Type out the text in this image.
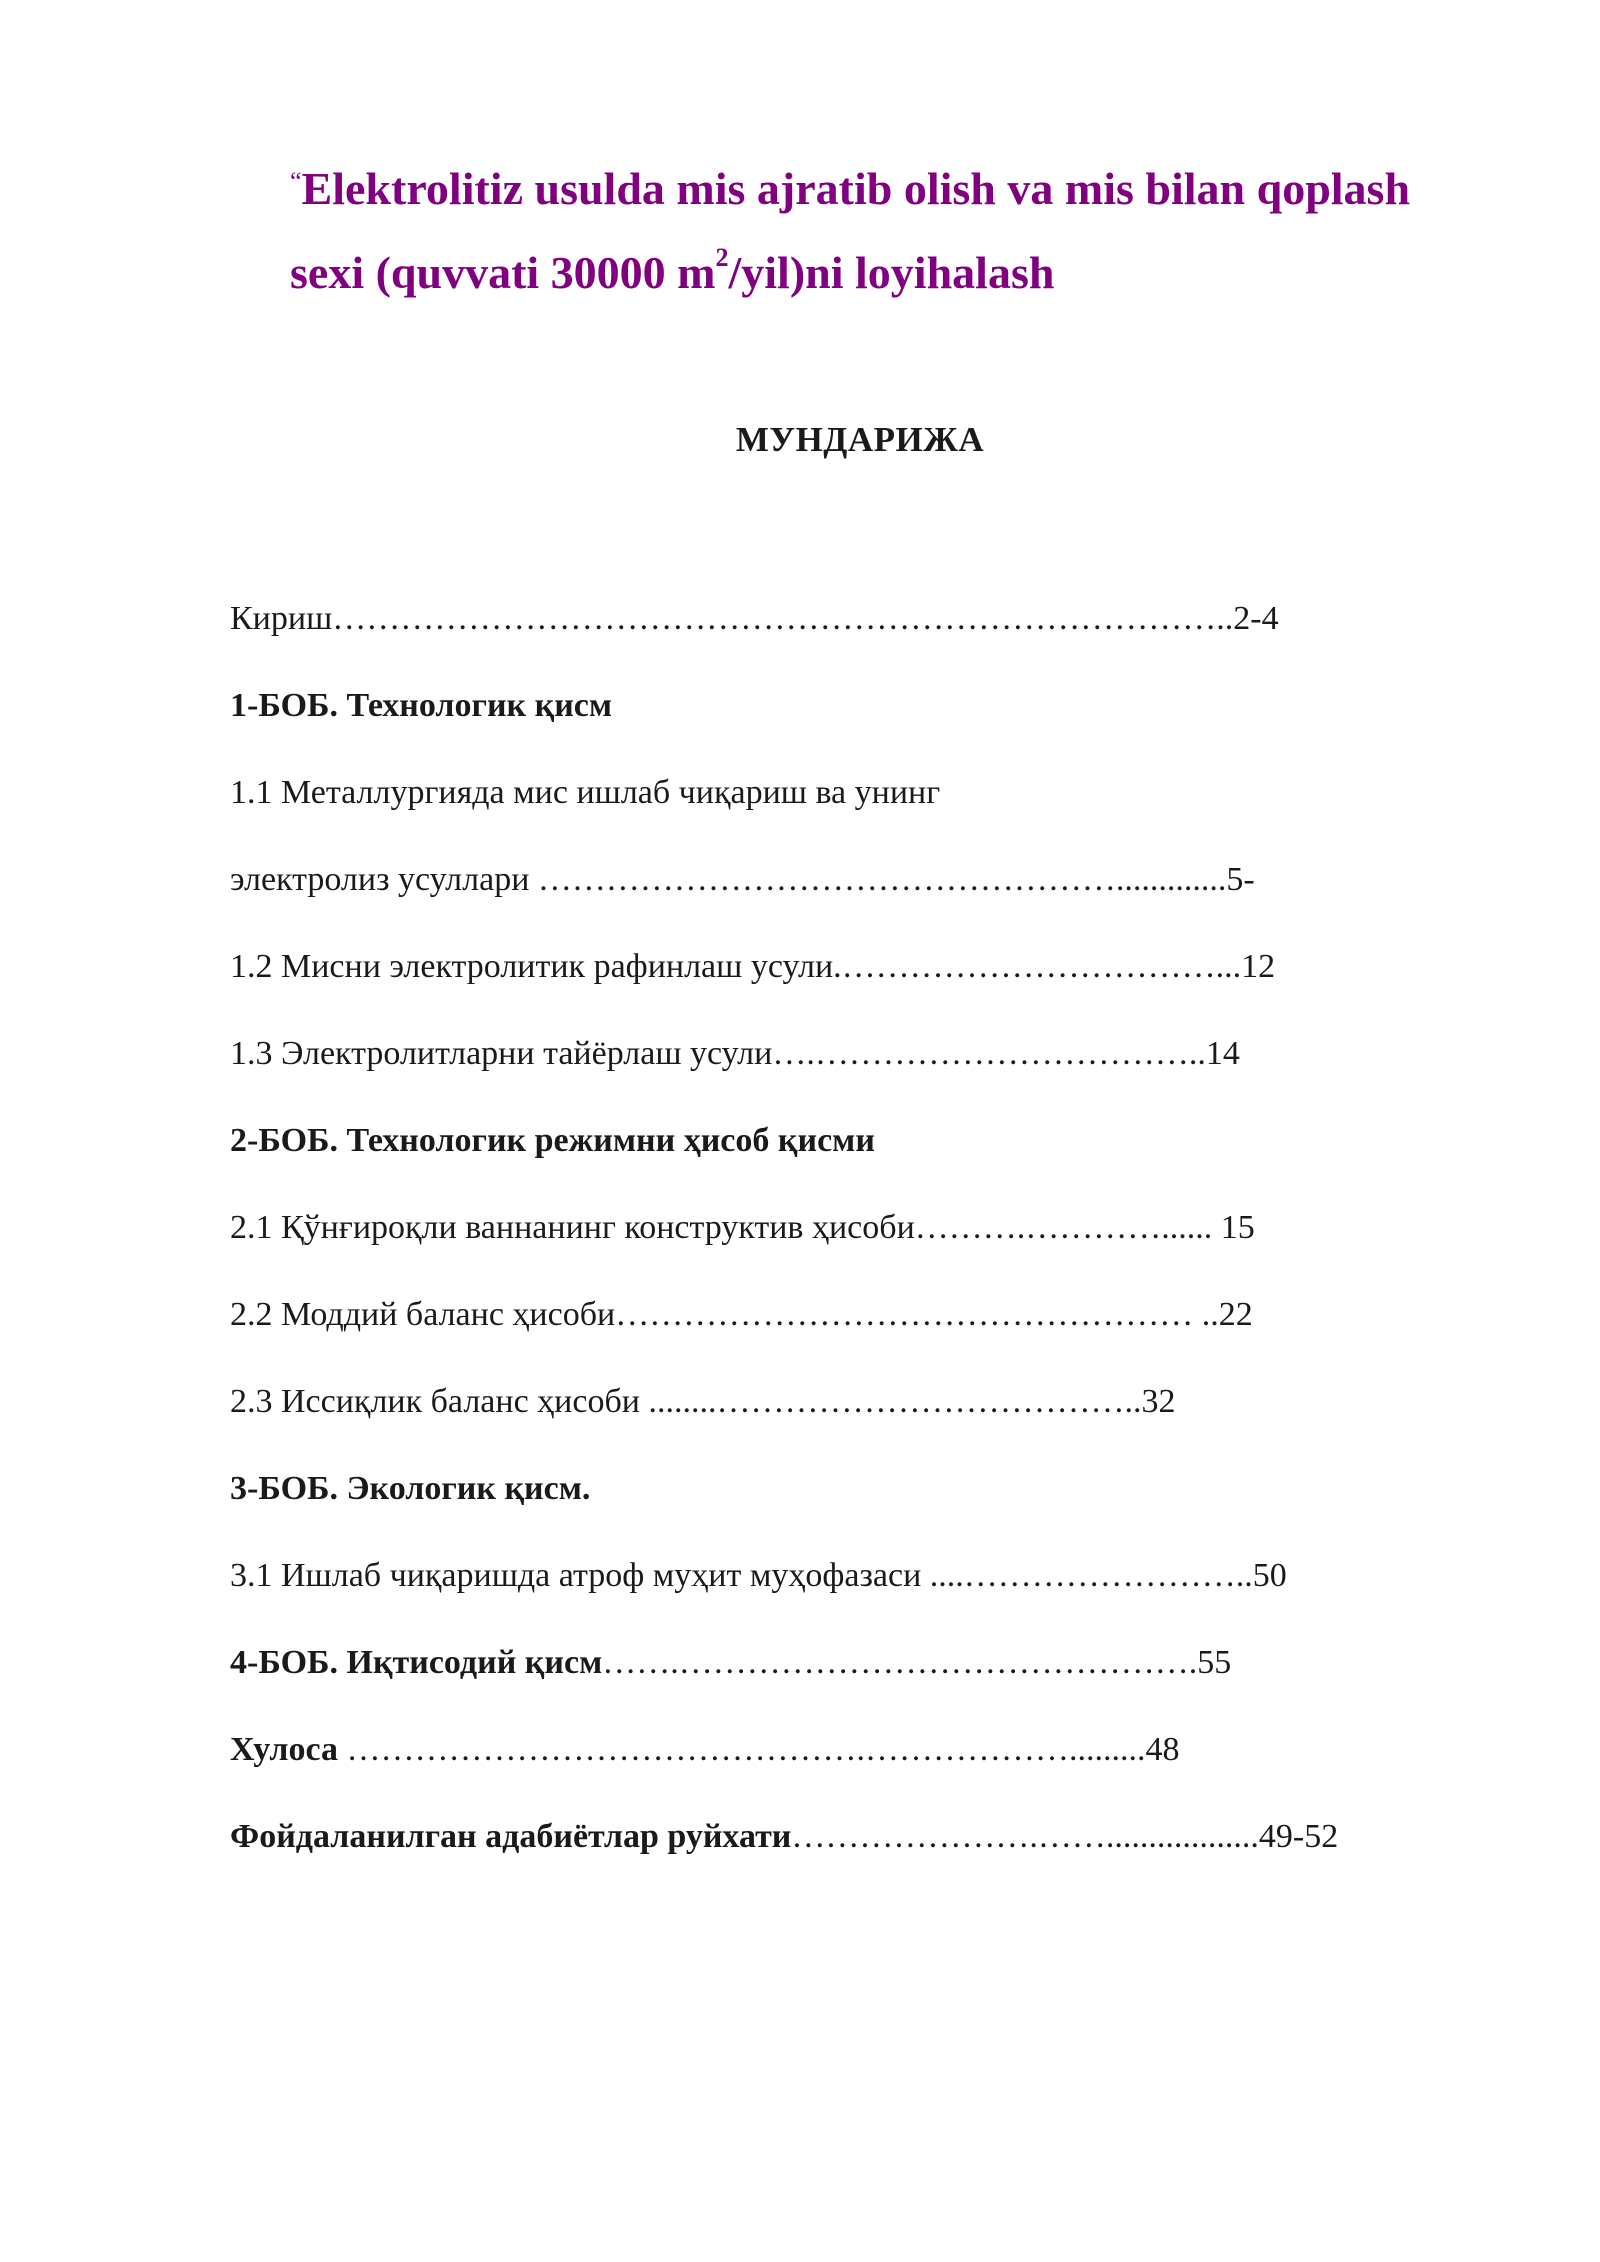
“Elektrolitiz usulda mis ajratib olish va mis bilan qoplash
sexi (quvvati 30000 $m^2/yil)ni$ loyihalash
МУНДАРИЖА
Кириш……………………………………………………………………..2-4
1-БОБ. Технологик қисм
1.1 Металлургияда мис ишлаб чиқариш ва унинг
электролиз усуллари …………………………………………….............5-
1.2 Мисни электролитик рафинлаш усули.……………………………...12
1.3 Электролитларни тайёрлаш усули….……………………………..14
2-БОБ. Технологик режимни ҳисоб қисми
2.1 Қўнғироқли ваннанинг конструктив ҳисоби……….…………...... 15
2.2 Моддий баланс ҳисоби…………………………………………… ..22
2.3 Иссиқлик баланс ҳисоби ........………………………………..32
3-БОБ. Экологик қисм.
3.1 Ишлаб чиқаришда атроф муҳит муҳофазаси ....……………………..50
4-БОБ. Иқтисодий қисм…….……………………………………….55
Хулоса ……………………………………….……………….........48
Фойдаланилган адабиётлар руйхати………………….……..................49-52
